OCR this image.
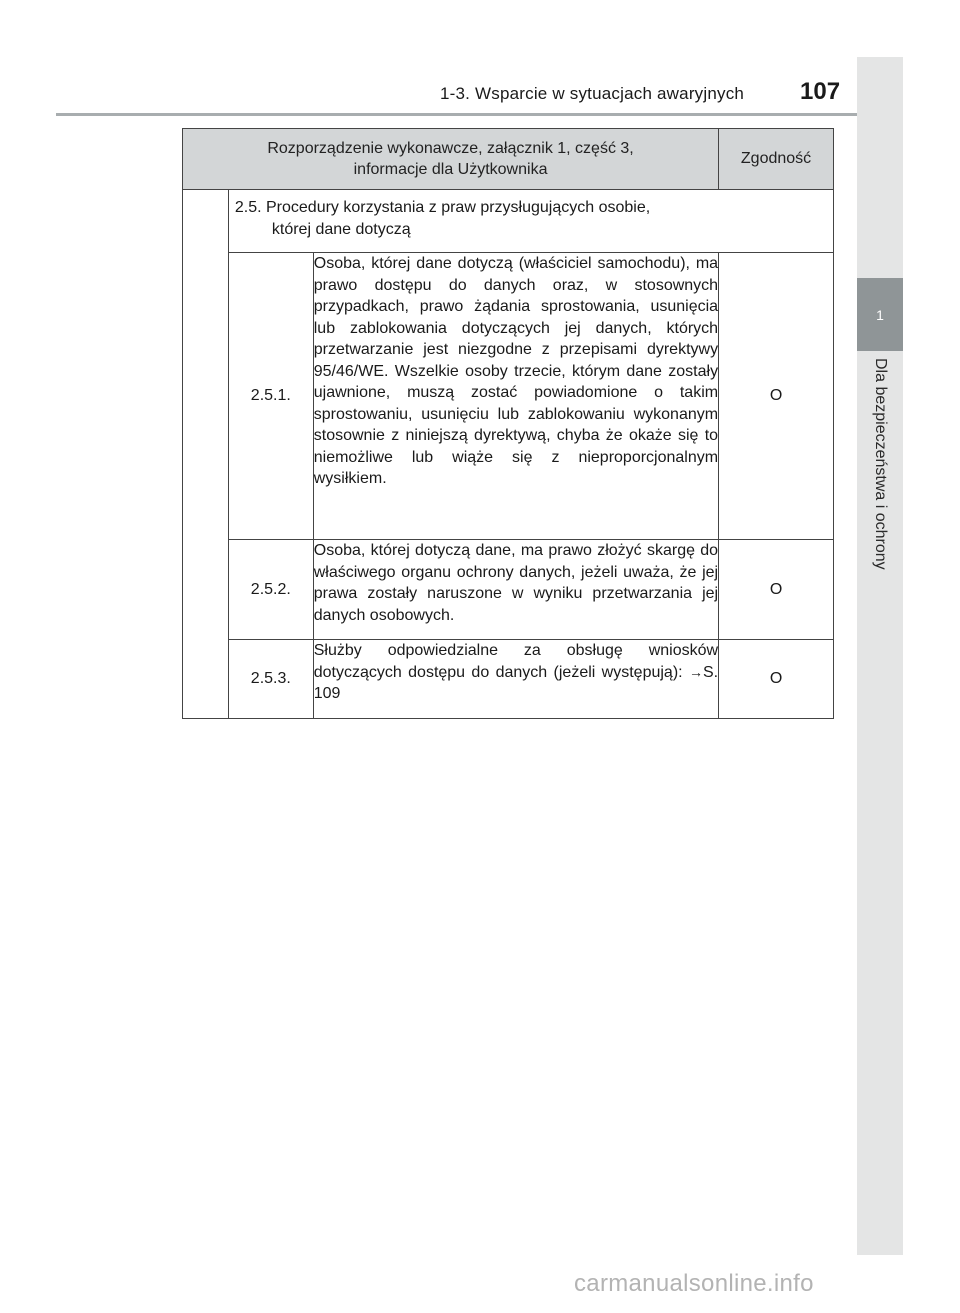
1-3. Wsparcie w sytuacjach awaryjnych 107
1
Dla bezpieczeństwa i ochrony
Rozporządzenie wykonawcze, załącznik 1, część 3,
informacje dla Użytkownika			Zgodność

	2.5. Procedury korzystania z praw przysługujących osobie,
której dane dotyczą		

	2.5.1.	Osoba, której dane dotyczą (właściciel samochodu), ma prawo dostępu do danych oraz, w stosownych przypadkach, prawo żądania sprostowania, usunięcia lub zablokowania dotyczących jej danych, których przetwarzanie jest niezgodne z przepisami dyrektywy 95/46/WE. Wszelkie osoby trzecie, którym dane zostały ujawnione, muszą zostać powiadomione o takim sprostowaniu, usunięciu lub zablokowaniu wykonanym stosownie z niniejszą dyrektywą, chyba że okaże się to niemożliwe lub wiąże się z nieproporcjonalnym wysiłkiem.	O
	2.5.2.	Osoba, której dotyczą dane, ma prawo złożyć skargę do właściwego organu ochrony danych, jeżeli uważa, że jej prawa zostały naruszone w wyniku przetwarzania jej danych osobowych.	O
	2.5.3.	Służby odpowiedzialne za obsługę wniosków dotyczących dostępu do danych (jeżeli występują): →S. 109	O
carmanualsonline.info
